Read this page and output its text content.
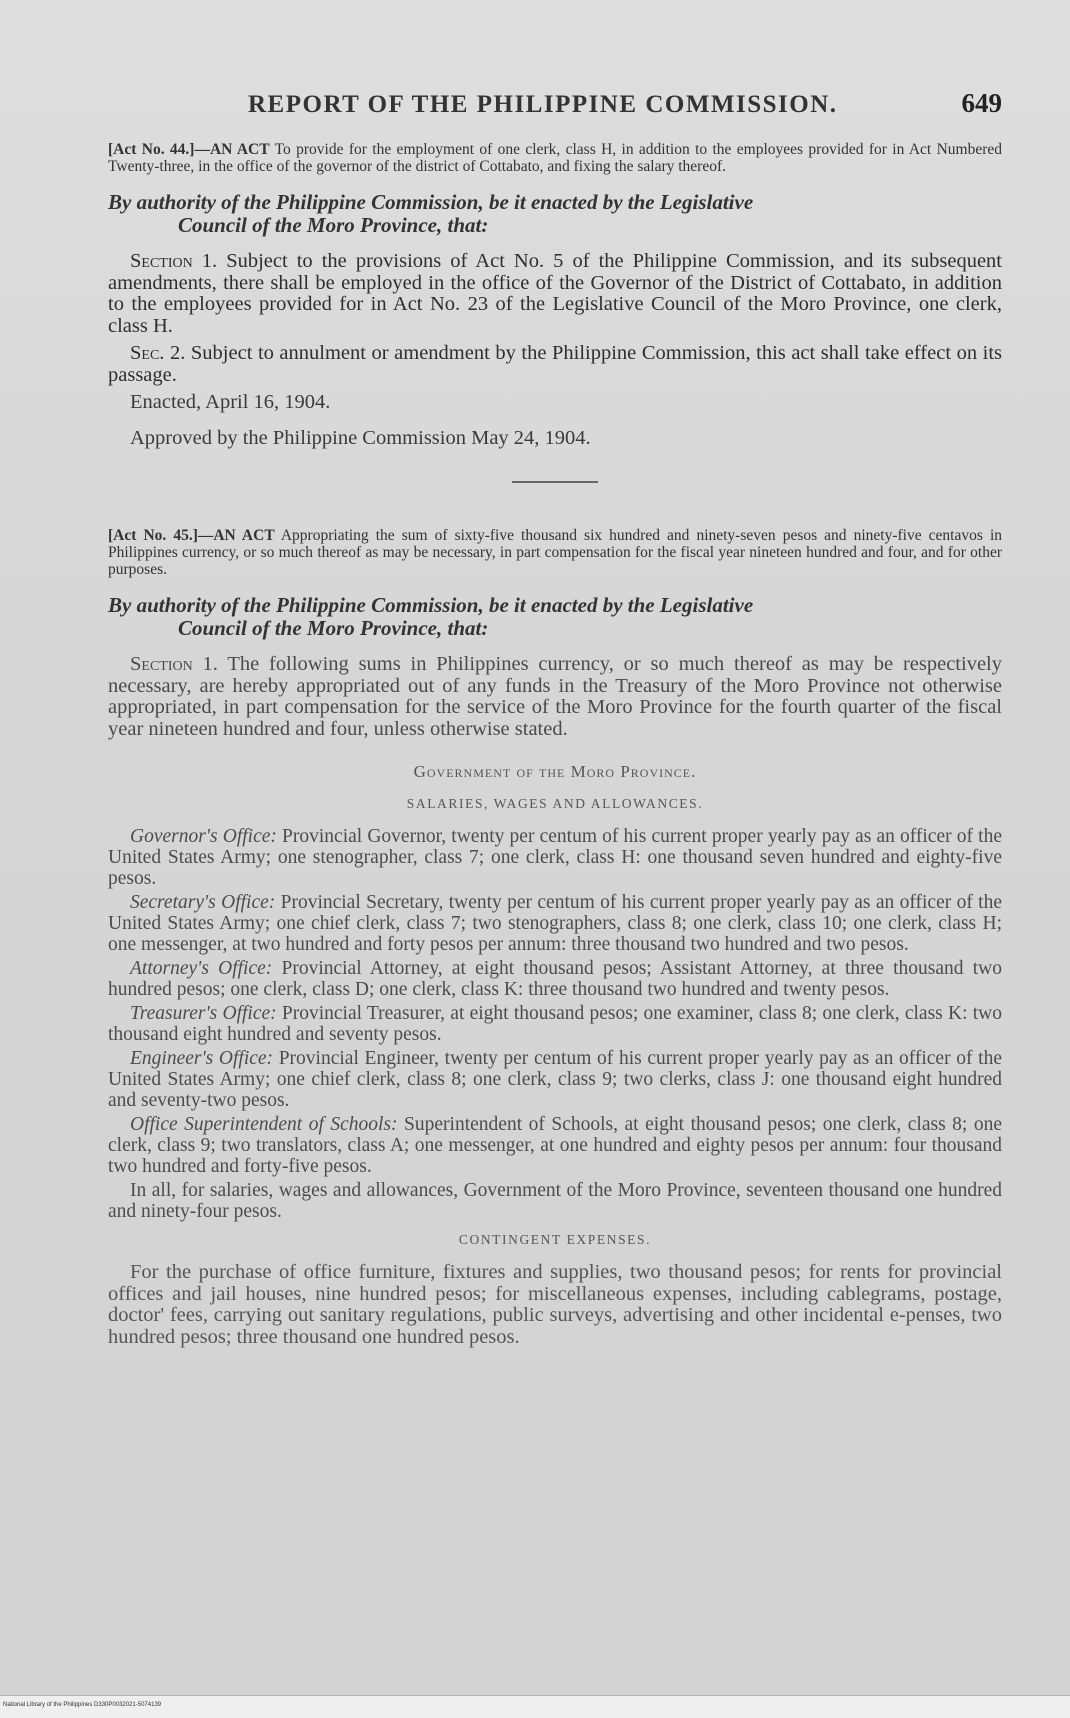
REPORT OF THE PHILIPPINE COMMISSION.	649
[Act No. 44.]—AN ACT To provide for the employment of one clerk, class H, in addition to the employees provided for in Act Numbered Twenty-three, in the office of the governor of the district of Cottabato, and fixing the salary thereof.
By authority of the Philippine Commission, be it enacted by the Legislative
Council of the Moro Province, that:

Section 1. Subject to the provisions of Act No. 5 of the Philippine Commission, and its subsequent amendments, there shall be employed in the office of the Governor of the District of Cottabato, in addition to the employees provided for in Act No. 23 of the Legislative Council of the Moro Province, one clerk, class H.

Sec. 2. Subject to annulment or amendment by the Philippine Commission, this act shall take effect on its passage.

Enacted, April 16, 1904.

Approved by the Philippine Commission May 24, 1904.

[Act No. 45.]—AN ACT Appropriating the sum of sixty-five thousand six hundred and ninety-seven pesos and ninety-five centavos in Philippines currency, or so much thereof as may be necessary, in part compensation for the fiscal year nineteen hundred and four, and for other purposes.
By authority of the Philippine Commission, be it enacted by the Legislative
Council of the Moro Province, that:

Section 1. The following sums in Philippines currency, or so much thereof as may be respectively necessary, are hereby appropriated out of any funds in the Treasury of the Moro Province not otherwise appropriated, in part compensation for the service of the Moro Province for the fourth quarter of the fiscal year nineteen hundred and four, unless otherwise stated.

Government of the Moro Province.
SALARIES, WAGES AND ALLOWANCES.

Governor's Office: Provincial Governor, twenty per centum of his current proper yearly pay as an officer of the United States Army; one stenographer, class 7; one clerk, class H: one thousand seven hundred and eighty-five pesos.

Secretary's Office: Provincial Secretary, twenty per centum of his current proper yearly pay as an officer of the United States Army; one chief clerk, class 7; two stenographers, class 8; one clerk, class 10; one clerk, class H; one messenger, at two hundred and forty pesos per annum: three thousand two hundred and two pesos.

Attorney's Office: Provincial Attorney, at eight thousand pesos; Assistant Attorney, at three thousand two hundred pesos; one clerk, class D; one clerk, class K: three thousand two hundred and twenty pesos.

Treasurer's Office: Provincial Treasurer, at eight thousand pesos; one examiner, class 8; one clerk, class K: two thousand eight hundred and seventy pesos.

Engineer's Office: Provincial Engineer, twenty per centum of his current proper yearly pay as an officer of the United States Army; one chief clerk, class 8; one clerk, class 9; two clerks, class J: one thousand eight hundred and seventy-two pesos.

Office Superintendent of Schools: Superintendent of Schools, at eight thousand pesos; one clerk, class 8; one clerk, class 9; two translators, class A; one messenger, at one hundred and eighty pesos per annum: four thousand two hundred and forty-five pesos.

In all, for salaries, wages and allowances, Government of the Moro Province, seventeen thousand one hundred and ninety-four pesos.

CONTINGENT EXPENSES.

For the purchase of office furniture, fixtures and supplies, two thousand pesos; for rents for provincial offices and jail houses, nine hundred pesos; for miscellaneous expenses, including cablegrams, postage, doctor' fees, carrying out sanitary regulations, public surveys, advertising and other incidental e-penses, two hundred pesos; three thousand one hundred pesos.

National Library of the Philippines D330P0032021-5074139
